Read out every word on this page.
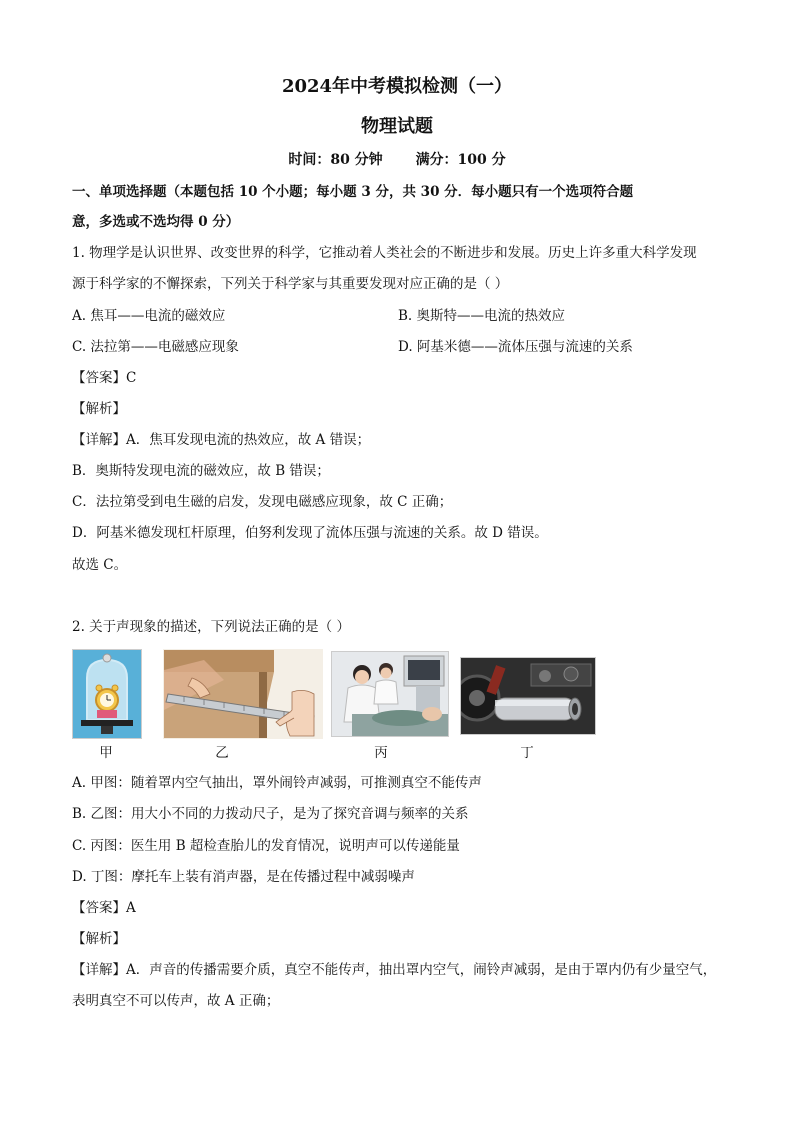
2024年中考模拟检测（一）
物理试题
时间：80 分钟 满分：100 分
一、单项选择题（本题包括 10 个小题；每小题 3 分，共 30 分．每小题只有一个选项符合题
意，多选或不选均得 0 分）
1. 物理学是认识世界、改变世界的科学，它推动着人类社会的不断进步和发展。历史上许多重大科学发现
源于科学家的不懈探索，下列关于科学家与其重要发现对应正确的是（ ）
A. 焦耳——电流的磁效应	B. 奥斯特——电流的热效应
C. 法拉第——电磁感应现象	D. 阿基米德——流体压强与流速的关系
【答案】C
【解析】
【详解】A．焦耳发现电流的热效应，故 A 错误；
B．奥斯特发现电流的磁效应，故 B 错误；
C．法拉第受到电生磁的启发，发现电磁感应现象，故 C 正确；
D．阿基米德发现杠杆原理，伯努利发现了流体压强与流速的关系。故 D 错误。
故选 C。
2. 关于声现象的描述，下列说法正确的是（ ）
甲	乙	丙	丁
A. 甲图：随着罩内空气抽出，罩外闹铃声减弱，可推测真空不能传声
B. 乙图：用大小不同的力拨动尺子，是为了探究音调与频率的关系
C. 丙图：医生用 B 超检查胎儿的发育情况，说明声可以传递能量
D. 丁图：摩托车上装有消声器，是在传播过程中减弱噪声
【答案】A
【解析】
【详解】A．声音的传播需要介质，真空不能传声，抽出罩内空气，闹铃声减弱，是由于罩内仍有少量空气，
表明真空不可以传声，故 A 正确；
